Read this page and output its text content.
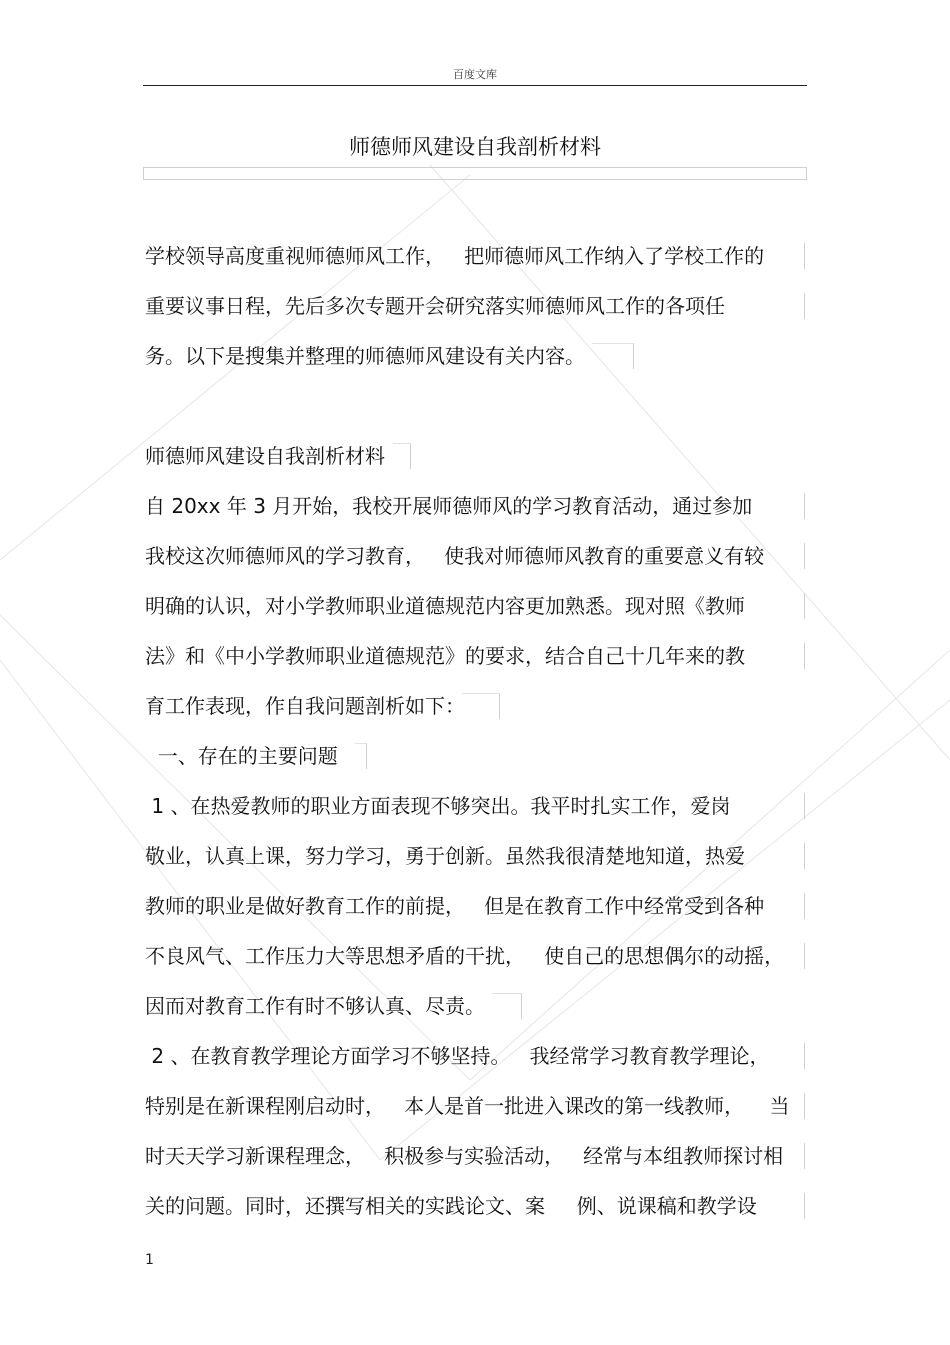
百度文库
师德师风建设自我剖析材料
学校领导高度重视师德师风工作，   把师德师风工作纳入了学校工作的
重要议事日程，先后多次专题开会研究落实师德师风工作的各项任
务。以下是搜集并整理的师德师风建设有关内容。
师德师风建设自我剖析材料
自 20xx 年 3 月开始，我校开展师德师风的学习教育活动，通过参加
我校这次师德师风的学习教育，   使我对师德师风教育的重要意义有较
明确的认识，对小学教师职业道德规范内容更加熟悉。现对照《教师
法》和《中小学教师职业道德规范》的要求，结合自己十几年来的教
育工作表现，作自我问题剖析如下：
一、存在的主要问题
1 、在热爱教师的职业方面表现不够突出。我平时扎实工作，爱岗
敬业，认真上课，努力学习，勇于创新。虽然我很清楚地知道，热爱
教师的职业是做好教育工作的前提，   但是在教育工作中经常受到各种
不良风气、工作压力大等思想矛盾的干扰，   使自己的思想偶尔的动摇，
因而对教育工作有时不够认真、尽责。
2 、在教育教学理论方面学习不够坚持。   我经常学习教育教学理论，
特别是在新课程刚启动时，   本人是首一批进入课改的第一线教师，    当
时天天学习新课程理念，   积极参与实验活动，   经常与本组教师探讨相
关的问题。同时，还撰写相关的实践论文、案     例、说课稿和教学设
1
